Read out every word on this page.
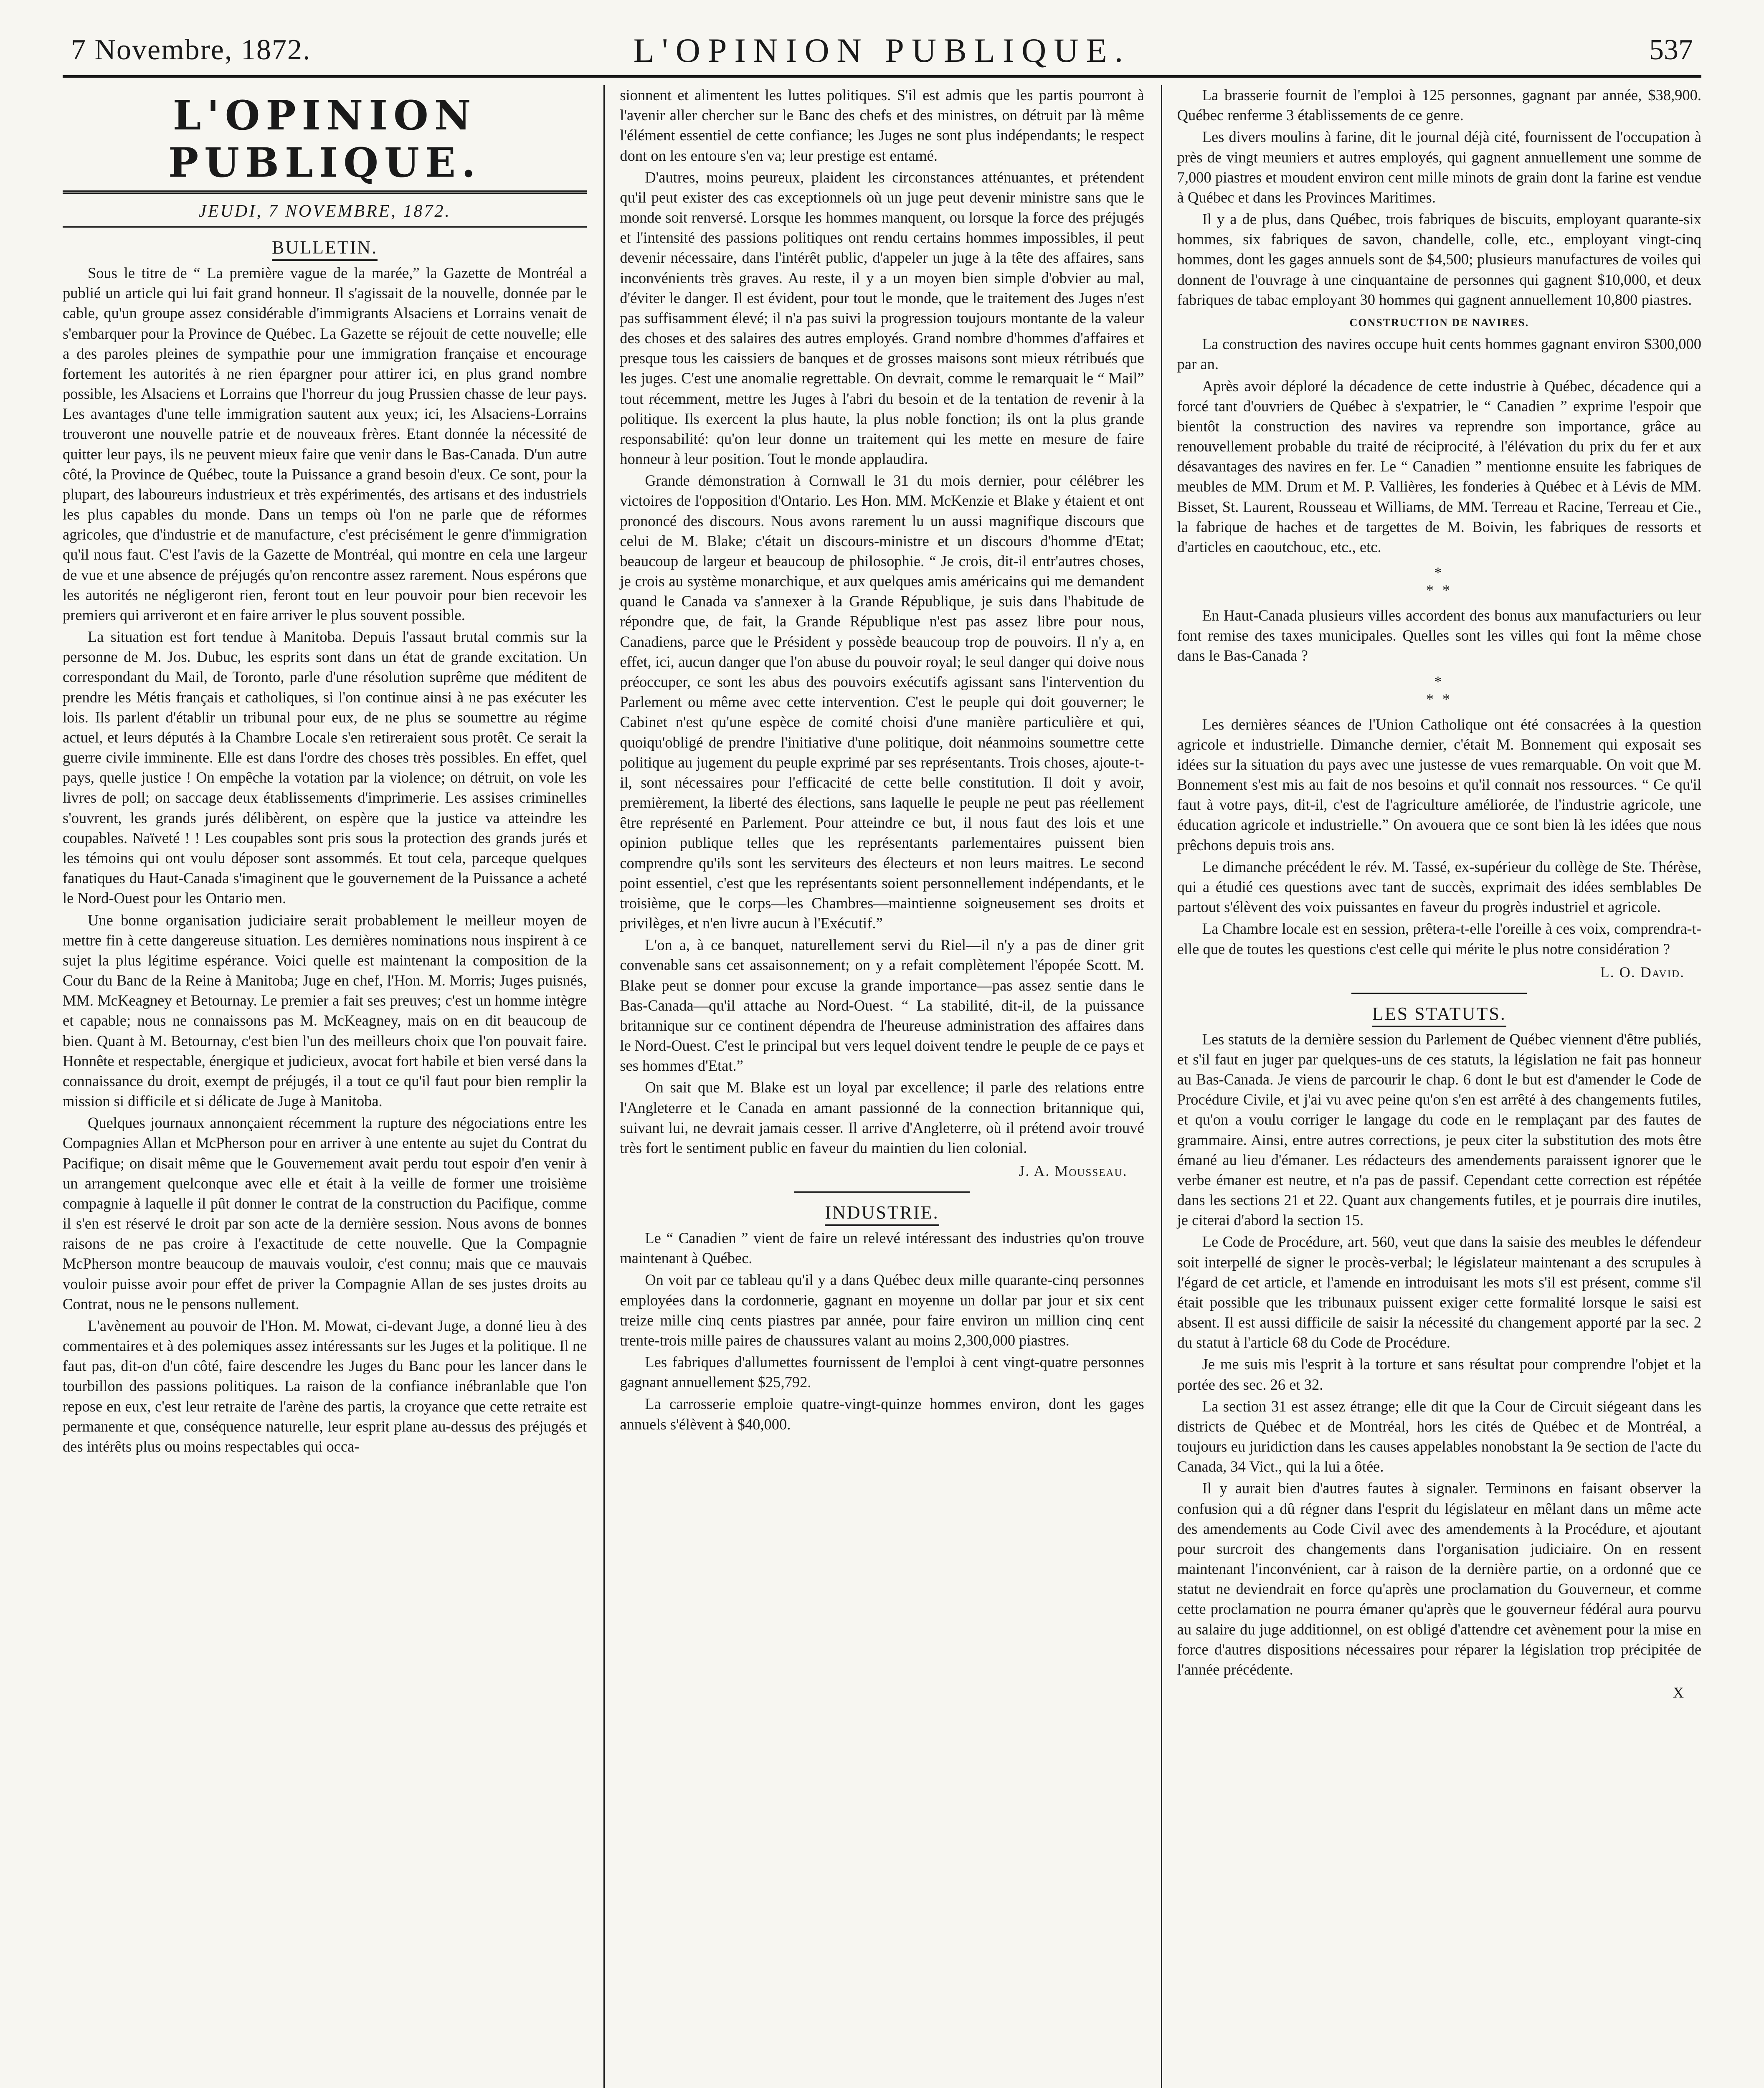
7 Novembre, 1872.	L'OPINION PUBLIQUE.	537
L'OPINION PUBLIQUE.
JEUDI, 7 NOVEMBRE, 1872.
BULLETIN.

Sous le titre de “ La première vague de la marée,” la Gazette de Montréal a publié un article qui lui fait grand honneur. Il s'agissait de la nouvelle, donnée par le cable, qu'un groupe assez considérable d'immigrants Alsaciens et Lorrains venait de s'embarquer pour la Province de Québec. La Gazette se réjouit de cette nouvelle; elle a des paroles pleines de sympathie pour une immigration française et encourage fortement les autorités à ne rien épargner pour attirer ici, en plus grand nombre possible, les Alsaciens et Lorrains que l'horreur du joug Prussien chasse de leur pays. Les avantages d'une telle immigration sautent aux yeux; ici, les Alsaciens-Lorrains trouveront une nouvelle patrie et de nouveaux frères. Etant donnée la nécessité de quitter leur pays, ils ne peuvent mieux faire que venir dans le Bas-Canada. D'un autre côté, la Province de Québec, toute la Puissance a grand besoin d'eux. Ce sont, pour la plupart, des laboureurs industrieux et très expérimentés, des artisans et des industriels les plus capables du monde. Dans un temps où l'on ne parle que de réformes agricoles, que d'industrie et de manufacture, c'est précisément le genre d'immigration qu'il nous faut. C'est l'avis de la Gazette de Montréal, qui montre en cela une largeur de vue et une absence de préjugés qu'on rencontre assez rarement. Nous espérons que les autorités ne négligeront rien, feront tout en leur pouvoir pour bien recevoir les premiers qui arriveront et en faire arriver le plus souvent possible.

La situation est fort tendue à Manitoba. Depuis l'assaut brutal commis sur la personne de M. Jos. Dubuc, les esprits sont dans un état de grande excitation. Un correspondant du Mail, de Toronto, parle d'une résolution suprême que méditent de prendre les Métis français et catholiques, si l'on continue ainsi à ne pas exécuter les lois. Ils parlent d'établir un tribunal pour eux, de ne plus se soumettre au régime actuel, et leurs députés à la Chambre Locale s'en retireraient sous protêt. Ce serait la guerre civile imminente. Elle est dans l'ordre des choses très possibles. En effet, quel pays, quelle justice ! On empêche la votation par la violence; on détruit, on vole les livres de poll; on saccage deux établissements d'imprimerie. Les assises criminelles s'ouvrent, les grands jurés délibèrent, on espère que la justice va atteindre les coupables. Naïveté ! ! Les coupables sont pris sous la protection des grands jurés et les témoins qui ont voulu déposer sont assommés. Et tout cela, parceque quelques fanatiques du Haut-Canada s'imaginent que le gouvernement de la Puissance a acheté le Nord-Ouest pour les Ontario men.

Une bonne organisation judiciaire serait probablement le meilleur moyen de mettre fin à cette dangereuse situation. Les dernières nominations nous inspirent à ce sujet la plus légitime espérance. Voici quelle est maintenant la composition de la Cour du Banc de la Reine à Manitoba; Juge en chef, l'Hon. M. Morris; Juges puisnés, MM. McKeagney et Betournay. Le premier a fait ses preuves; c'est un homme intègre et capable; nous ne connaissons pas M. McKeagney, mais on en dit beaucoup de bien. Quant à M. Betournay, c'est bien l'un des meilleurs choix que l'on pouvait faire. Honnête et respectable, énergique et judicieux, avocat fort habile et bien versé dans la connaissance du droit, exempt de préjugés, il a tout ce qu'il faut pour bien remplir la mission si difficile et si délicate de Juge à Manitoba.

Quelques journaux annonçaient récemment la rupture des négociations entre les Compagnies Allan et McPherson pour en arriver à une entente au sujet du Contrat du Pacifique; on disait même que le Gouvernement avait perdu tout espoir d'en venir à un arrangement quelconque avec elle et était à la veille de former une troisième compagnie à laquelle il pût donner le contrat de la construction du Pacifique, comme il s'en est réservé le droit par son acte de la dernière session. Nous avons de bonnes raisons de ne pas croire à l'exactitude de cette nouvelle. Que la Compagnie McPherson montre beaucoup de mauvais vouloir, c'est connu; mais que ce mauvais vouloir puisse avoir pour effet de priver la Compagnie Allan de ses justes droits au Contrat, nous ne le pensons nullement.

L'avènement au pouvoir de l'Hon. M. Mowat, ci-devant Juge, a donné lieu à des commentaires et à des polemiques assez intéressants sur les Juges et la politique. Il ne faut pas, dit-on d'un côté, faire descendre les Juges du Banc pour les lancer dans le tourbillon des passions politiques. La raison de la confiance inébranlable que l'on repose en eux, c'est leur retraite de l'arène des partis, la croyance que cette retraite est permanente et que, conséquence naturelle, leur esprit plane au-dessus des préjugés et des intérêts plus ou moins respectables qui occa-

sionnent et alimentent les luttes politiques. S'il est admis que les partis pourront à l'avenir aller chercher sur le Banc des chefs et des ministres, on détruit par là même l'élément essentiel de cette confiance; les Juges ne sont plus indépendants; le respect dont on les entoure s'en va; leur prestige est entamé.

D'autres, moins peureux, plaident les circonstances atténuantes, et prétendent qu'il peut exister des cas exceptionnels où un juge peut devenir ministre sans que le monde soit renversé. Lorsque les hommes manquent, ou lorsque la force des préjugés et l'intensité des passions politiques ont rendu certains hommes impossibles, il peut devenir nécessaire, dans l'intérêt public, d'appeler un juge à la tête des affaires, sans inconvénients très graves. Au reste, il y a un moyen bien simple d'obvier au mal, d'éviter le danger. Il est évident, pour tout le monde, que le traitement des Juges n'est pas suffisamment élevé; il n'a pas suivi la progression toujours montante de la valeur des choses et des salaires des autres employés. Grand nombre d'hommes d'affaires et presque tous les caissiers de banques et de grosses maisons sont mieux rétribués que les juges. C'est une anomalie regrettable. On devrait, comme le remarquait le “ Mail” tout récemment, mettre les Juges à l'abri du besoin et de la tentation de revenir à la politique. Ils exercent la plus haute, la plus noble fonction; ils ont la plus grande responsabilité: qu'on leur donne un traitement qui les mette en mesure de faire honneur à leur position. Tout le monde applaudira.

Grande démonstration à Cornwall le 31 du mois dernier, pour célébrer les victoires de l'opposition d'Ontario. Les Hon. MM. McKenzie et Blake y étaient et ont prononcé des discours. Nous avons rarement lu un aussi magnifique discours que celui de M. Blake; c'était un discours-ministre et un discours d'homme d'Etat; beaucoup de largeur et beaucoup de philosophie. “ Je crois, dit-il entr'autres choses, je crois au système monarchique, et aux quelques amis américains qui me demandent quand le Canada va s'annexer à la Grande République, je suis dans l'habitude de répondre que, de fait, la Grande République n'est pas assez libre pour nous, Canadiens, parce que le Président y possède beaucoup trop de pouvoirs. Il n'y a, en effet, ici, aucun danger que l'on abuse du pouvoir royal; le seul danger qui doive nous préoccuper, ce sont les abus des pouvoirs exécutifs agissant sans l'intervention du Parlement ou même avec cette intervention. C'est le peuple qui doit gouverner; le Cabinet n'est qu'une espèce de comité choisi d'une manière particulière et qui, quoiqu'obligé de prendre l'initiative d'une politique, doit néanmoins soumettre cette politique au jugement du peuple exprimé par ses représentants. Trois choses, ajoute-t-il, sont nécessaires pour l'efficacité de cette belle constitution. Il doit y avoir, premièrement, la liberté des élections, sans laquelle le peuple ne peut pas réellement être représenté en Parlement. Pour atteindre ce but, il nous faut des lois et une opinion publique telles que les représentants parlementaires puissent bien comprendre qu'ils sont les serviteurs des électeurs et non leurs maitres. Le second point essentiel, c'est que les représentants soient personnellement indépendants, et le troisième, que le corps—les Chambres—maintienne soigneusement ses droits et privilèges, et n'en livre aucun à l'Exécutif.”

L'on a, à ce banquet, naturellement servi du Riel—il n'y a pas de diner grit convenable sans cet assaisonnement; on y a refait complètement l'épopée Scott. M. Blake peut se donner pour excuse la grande importance—pas assez sentie dans le Bas-Canada—qu'il attache au Nord-Ouest. “ La stabilité, dit-il, de la puissance britannique sur ce continent dépendra de l'heureuse administration des affaires dans le Nord-Ouest. C'est le principal but vers lequel doivent tendre le peuple de ce pays et ses hommes d'Etat.”

On sait que M. Blake est un loyal par excellence; il parle des relations entre l'Angleterre et le Canada en amant passionné de la connection britannique qui, suivant lui, ne devrait jamais cesser. Il arrive d'Angleterre, où il prétend avoir trouvé très fort le sentiment public en faveur du maintien du lien colonial.

J. A. Mousseau.
INDUSTRIE.

Le “ Canadien ” vient de faire un relevé intéressant des industries qu'on trouve maintenant à Québec.

On voit par ce tableau qu'il y a dans Québec deux mille quarante-cinq personnes employées dans la cordonnerie, gagnant en moyenne un dollar par jour et six cent treize mille cinq cents piastres par année, pour faire environ un million cinq cent trente-trois mille paires de chaussures valant au moins 2,300,000 piastres.

Les fabriques d'allumettes fournissent de l'emploi à cent vingt-quatre personnes gagnant annuellement $25,792.

La carrosserie emploie quatre-vingt-quinze hommes environ, dont les gages annuels s'élèvent à $40,000.

La brasserie fournit de l'emploi à 125 personnes, gagnant par année, $38,900. Québec renferme 3 établissements de ce genre.

Les divers moulins à farine, dit le journal déjà cité, fournissent de l'occupation à près de vingt meuniers et autres employés, qui gagnent annuellement une somme de 7,000 piastres et moudent environ cent mille minots de grain dont la farine est vendue à Québec et dans les Provinces Maritimes.

Il y a de plus, dans Québec, trois fabriques de biscuits, employant quarante-six hommes, six fabriques de savon, chandelle, colle, etc., employant vingt-cinq hommes, dont les gages annuels sont de $4,500; plusieurs manufactures de voiles qui donnent de l'ouvrage à une cinquantaine de personnes qui gagnent $10,000, et deux fabriques de tabac employant 30 hommes qui gagnent annuellement 10,800 piastres.

CONSTRUCTION DE NAVIRES.

La construction des navires occupe huit cents hommes gagnant environ $300,000 par an.

Après avoir déploré la décadence de cette industrie à Québec, décadence qui a forcé tant d'ouvriers de Québec à s'expatrier, le “ Canadien ” exprime l'espoir que bientôt la construction des navires va reprendre son importance, grâce au renouvellement probable du traité de réciprocité, à l'élévation du prix du fer et aux désavantages des navires en fer. Le “ Canadien ” mentionne ensuite les fabriques de meubles de MM. Drum et M. P. Vallières, les fonderies à Québec et à Lévis de MM. Bisset, St. Laurent, Rousseau et Williams, de MM. Terreau et Racine, Terreau et Cie., la fabrique de haches et de targettes de M. Boivin, les fabriques de ressorts et d'articles en caoutchouc, etc., etc.

*
* *

En Haut-Canada plusieurs villes accordent des bonus aux manufacturiers ou leur font remise des taxes municipales. Quelles sont les villes qui font la même chose dans le Bas-Canada ?

*
* *

Les dernières séances de l'Union Catholique ont été consacrées à la question agricole et industrielle. Dimanche dernier, c'était M. Bonnement qui exposait ses idées sur la situation du pays avec une justesse de vues remarquable. On voit que M. Bonnement s'est mis au fait de nos besoins et qu'il connait nos ressources. “ Ce qu'il faut à votre pays, dit-il, c'est de l'agriculture améliorée, de l'industrie agricole, une éducation agricole et industrielle.” On avouera que ce sont bien là les idées que nous prêchons depuis trois ans.

Le dimanche précédent le rév. M. Tassé, ex-supérieur du collège de Ste. Thérèse, qui a étudié ces questions avec tant de succès, exprimait des idées semblables De partout s'élèvent des voix puissantes en faveur du progrès industriel et agricole.

La Chambre locale est en session, prêtera-t-elle l'oreille à ces voix, comprendra-t-elle que de toutes les questions c'est celle qui mérite le plus notre considération ?

L. O. David.
LES STATUTS.

Les statuts de la dernière session du Parlement de Québec viennent d'être publiés, et s'il faut en juger par quelques-uns de ces statuts, la législation ne fait pas honneur au Bas-Canada. Je viens de parcourir le chap. 6 dont le but est d'amender le Code de Procédure Civile, et j'ai vu avec peine qu'on s'en est arrêté à des changements futiles, et qu'on a voulu corriger le langage du code en le remplaçant par des fautes de grammaire. Ainsi, entre autres corrections, je peux citer la substitution des mots être émané au lieu d'émaner. Les rédacteurs des amendements paraissent ignorer que le verbe émaner est neutre, et n'a pas de passif. Cependant cette correction est répétée dans les sections 21 et 22. Quant aux changements futiles, et je pourrais dire inutiles, je citerai d'abord la section 15.

Le Code de Procédure, art. 560, veut que dans la saisie des meubles le défendeur soit interpellé de signer le procès-verbal; le législateur maintenant a des scrupules à l'égard de cet article, et l'amende en introduisant les mots s'il est présent, comme s'il était possible que les tribunaux puissent exiger cette formalité lorsque le saisi est absent. Il est aussi difficile de saisir la nécessité du changement apporté par la sec. 2 du statut à l'article 68 du Code de Procédure.

Je me suis mis l'esprit à la torture et sans résultat pour comprendre l'objet et la portée des sec. 26 et 32.

La section 31 est assez étrange; elle dit que la Cour de Circuit siégeant dans les districts de Québec et de Montréal, hors les cités de Québec et de Montréal, a toujours eu juridiction dans les causes appelables nonobstant la 9e section de l'acte du Canada, 34 Vict., qui la lui a ôtée.

Il y aurait bien d'autres fautes à signaler. Terminons en faisant observer la confusion qui a dû régner dans l'esprit du législateur en mêlant dans un même acte des amendements au Code Civil avec des amendements à la Procédure, et ajoutant pour surcroit des changements dans l'organisation judiciaire. On en ressent maintenant l'inconvénient, car à raison de la dernière partie, on a ordonné que ce statut ne deviendrait en force qu'après une proclamation du Gouverneur, et comme cette proclamation ne pourra émaner qu'après que le gouverneur fédéral aura pourvu au salaire du juge additionnel, on est obligé d'attendre cet avènement pour la mise en force d'autres dispositions nécessaires pour réparer la législation trop précipitée de l'année précédente.

X
